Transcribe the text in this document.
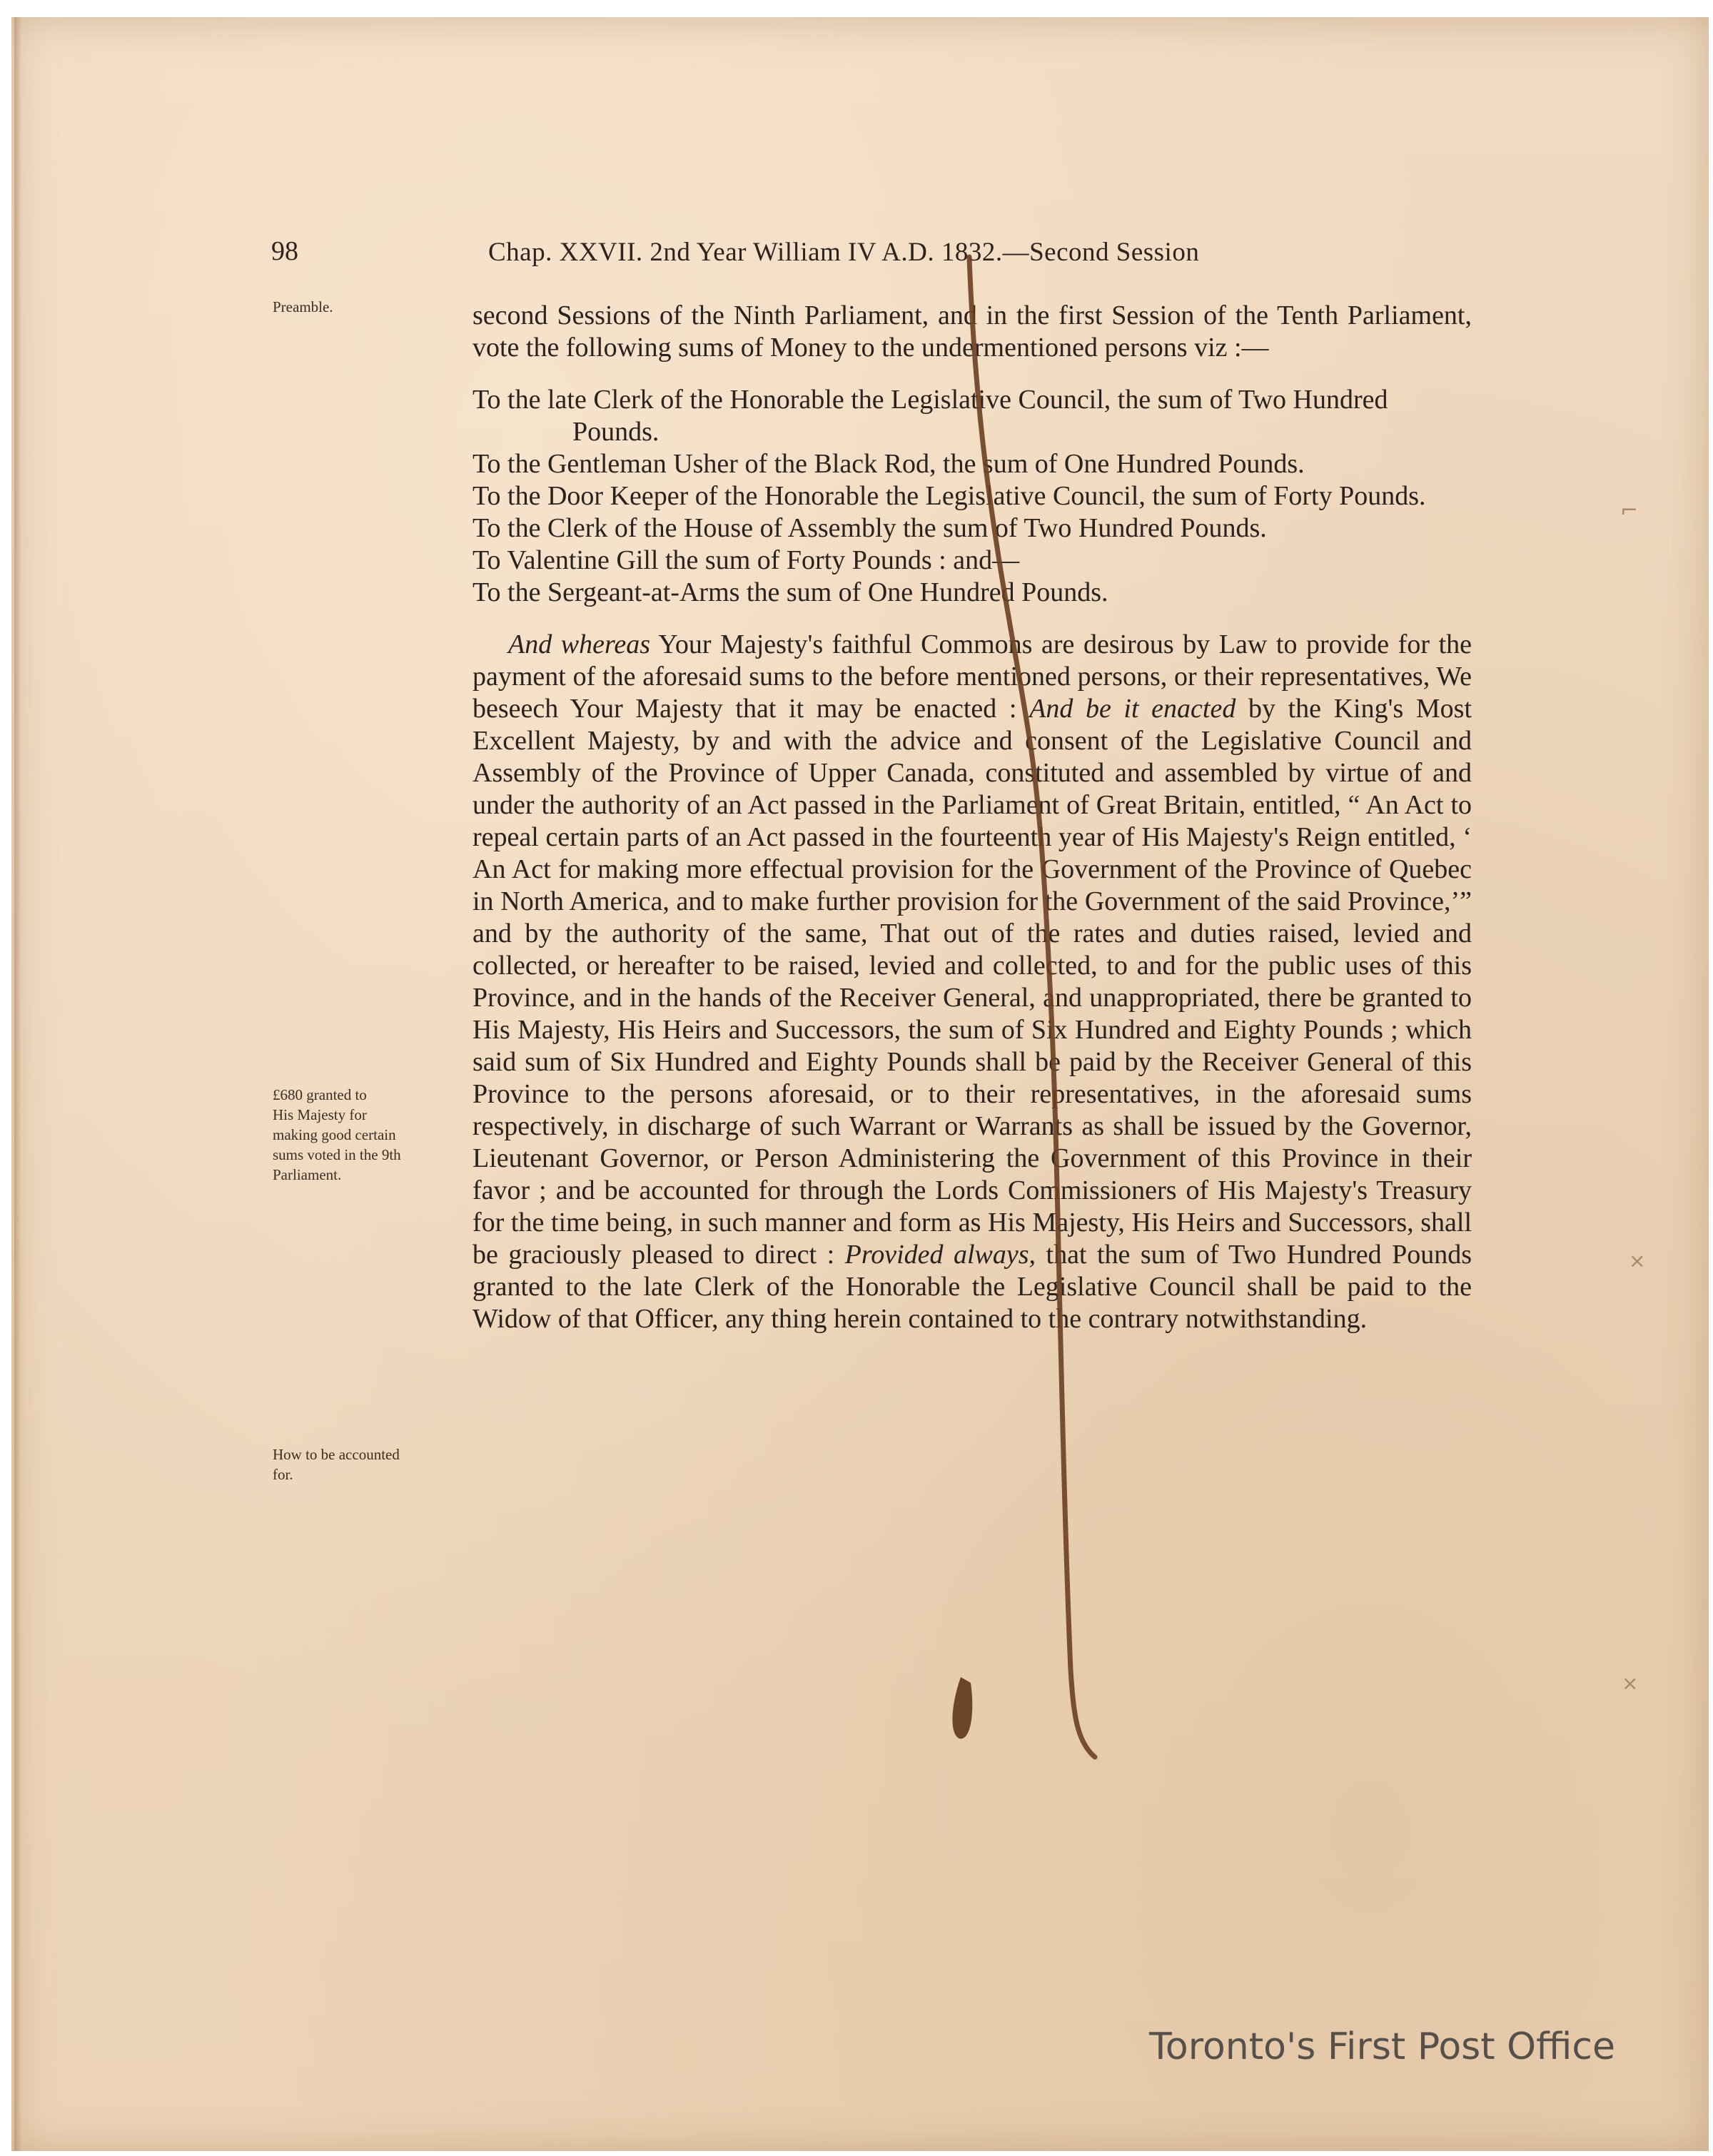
98	Chap. XXVII. 2nd Year William IV A.D. 1832.—Second Session
Preamble.
£680 granted to
His Majesty for
making good certain
sums voted in the 9th
Parliament.
How to be accounted
for.

second Sessions of the Ninth Parliament, and in the first Session of the Tenth Parliament, vote the following sums of Money to the undermentioned persons viz :—

To the late Clerk of the Honorable the Legislative Council, the sum of Two Hundred Pounds.

To the Gentleman Usher of the Black Rod, the sum of One Hundred Pounds.

To the Door Keeper of the Honorable the Legislative Council, the sum of Forty Pounds.

To the Clerk of the House of Assembly the sum of Two Hundred Pounds.

To Valentine Gill the sum of Forty Pounds : and—

To the Sergeant-at-Arms the sum of One Hundred Pounds.

And whereas Your Majesty's faithful Commons are desirous by Law to provide for the payment of the aforesaid sums to the before mentioned persons, or their representatives, We beseech Your Majesty that it may be enacted : And be it enacted by the King's Most Excellent Majesty, by and with the advice and consent of the Legislative Council and Assembly of the Province of Upper Canada, constituted and assembled by virtue of and under the authority of an Act passed in the Parliament of Great Britain, entitled, “ An Act to repeal certain parts of an Act passed in the fourteenth year of His Majesty's Reign entitled, ‘ An Act for making more effectual provision for the Government of the Province of Quebec in North America, and to make further provision for the Government of the said Province,’” and by the authority of the same, That out of the rates and duties raised, levied and collected, or hereafter to be raised, levied and collected, to and for the public uses of this Province, and in the hands of the Receiver General, and unappropriated, there be granted to His Majesty, His Heirs and Successors, the sum of Six Hundred and Eighty Pounds ; which said sum of Six Hundred and Eighty Pounds shall be paid by the Receiver General of this Province to the persons aforesaid, or to their representatives, in the aforesaid sums respectively, in discharge of such Warrant or Warrants as shall be issued by the Governor, Lieutenant Governor, or Person Administering the Government of this Province in their favor ; and be accounted for through the Lords Commissioners of His Majesty's Treasury for the time being, in such manner and form as His Majesty, His Heirs and Successors, shall be graciously pleased to direct : Provided always, that the sum of Two Hundred Pounds granted to the late Clerk of the Honorable the Legislative Council shall be paid to the Widow of that Officer, any thing herein contained to the contrary notwithstanding.

⌐
×
×
Toronto's First Post Office
